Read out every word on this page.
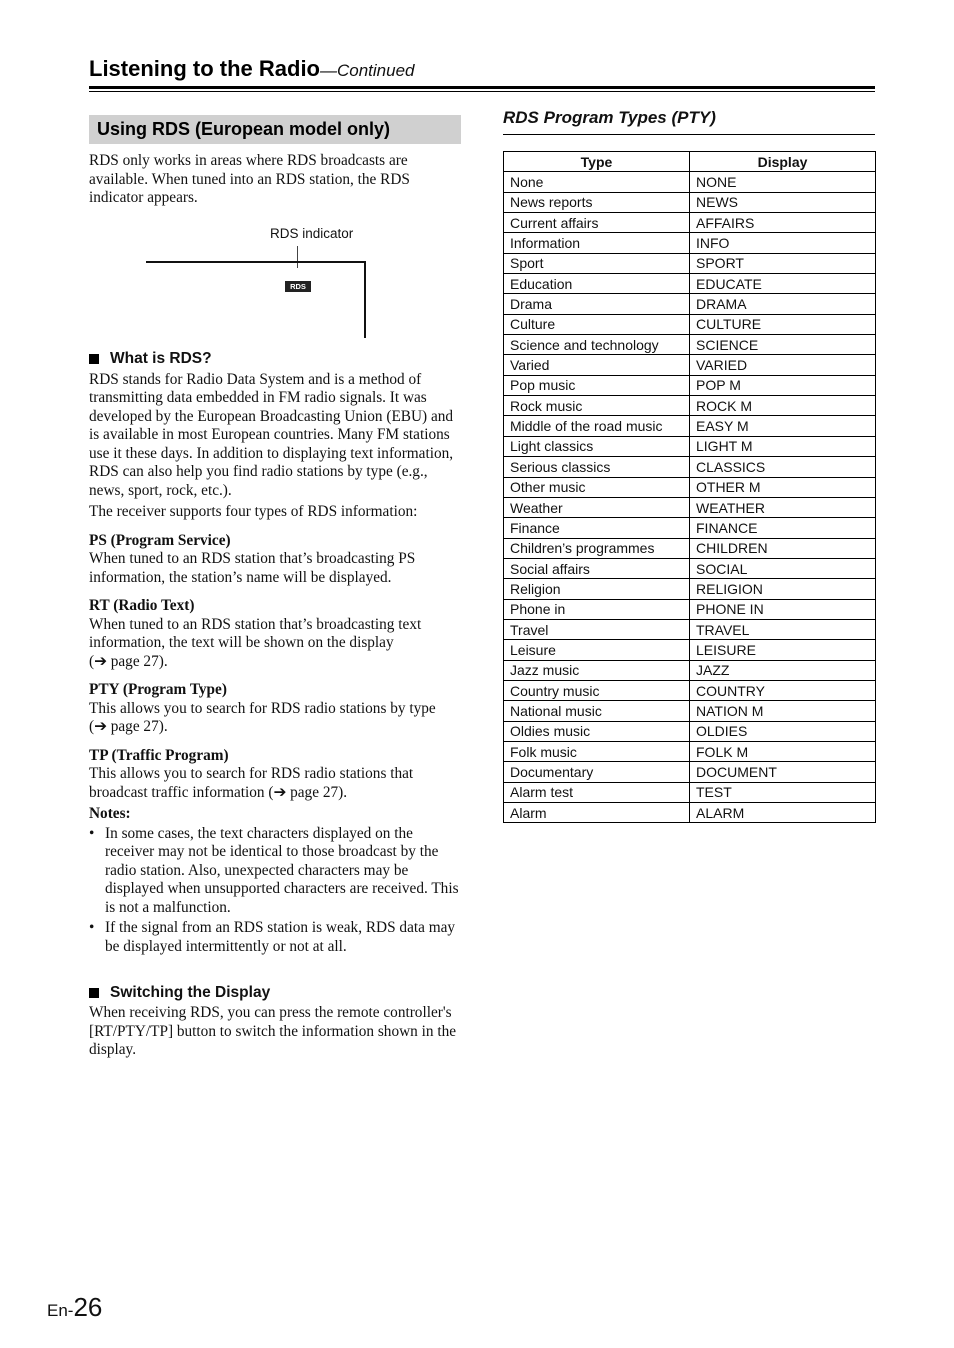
Listening to the Radio—Continued
Using RDS (European model only)

RDS only works in areas where RDS broadcasts are available. When tuned into an RDS station, the RDS indicator appears.

RDS indicator
RDS
What is RDS?

RDS stands for Radio Data System and is a method of transmitting data embedded in FM radio signals. It was developed by the European Broadcasting Union (EBU) and is available in most European countries. Many FM stations use it these days. In addition to displaying text information, RDS can also help you find radio stations by type (e.g., news, sport, rock, etc.).

The receiver supports four types of RDS information:

PS (Program Service)

When tuned to an RDS station that’s broadcasting PS information, the station’s name will be displayed.

RT (Radio Text)

When tuned to an RDS station that’s broadcasting text information, the text will be shown on the display
(➔ page 27).

PTY (Program Type)

This allows you to search for RDS radio stations by type
(➔ page 27).

TP (Traffic Program)

This allows you to search for RDS radio stations that broadcast traffic information (➔ page 27).

Notes:

• In some cases, the text characters displayed on the receiver may not be identical to those broadcast by the radio station. Also, unexpected characters may be displayed when unsupported characters are received. This is not a malfunction.
• If the signal from an RDS station is weak, RDS data may be displayed intermittently or not at all.
Switching the Display

When receiving RDS, you can press the remote controller's [RT/PTY/TP] button to switch the information shown in the display.

RDS Program Types (PTY)
Type	Display
None	NONE
News reports	NEWS
Current affairs	AFFAIRS
Information	INFO
Sport	SPORT
Education	EDUCATE
Drama	DRAMA
Culture	CULTURE
Science and technology	SCIENCE
Varied	VARIED
Pop music	POP M
Rock music	ROCK M
Middle of the road music	EASY M
Light classics	LIGHT M
Serious classics	CLASSICS
Other music	OTHER M
Weather	WEATHER
Finance	FINANCE
Children’s programmes	CHILDREN
Social affairs	SOCIAL
Religion	RELIGION
Phone in	PHONE IN
Travel	TRAVEL
Leisure	LEISURE
Jazz music	JAZZ
Country music	COUNTRY
National music	NATION M
Oldies music	OLDIES
Folk music	FOLK M
Documentary	DOCUMENT
Alarm test	TEST
Alarm	ALARM
En-26
